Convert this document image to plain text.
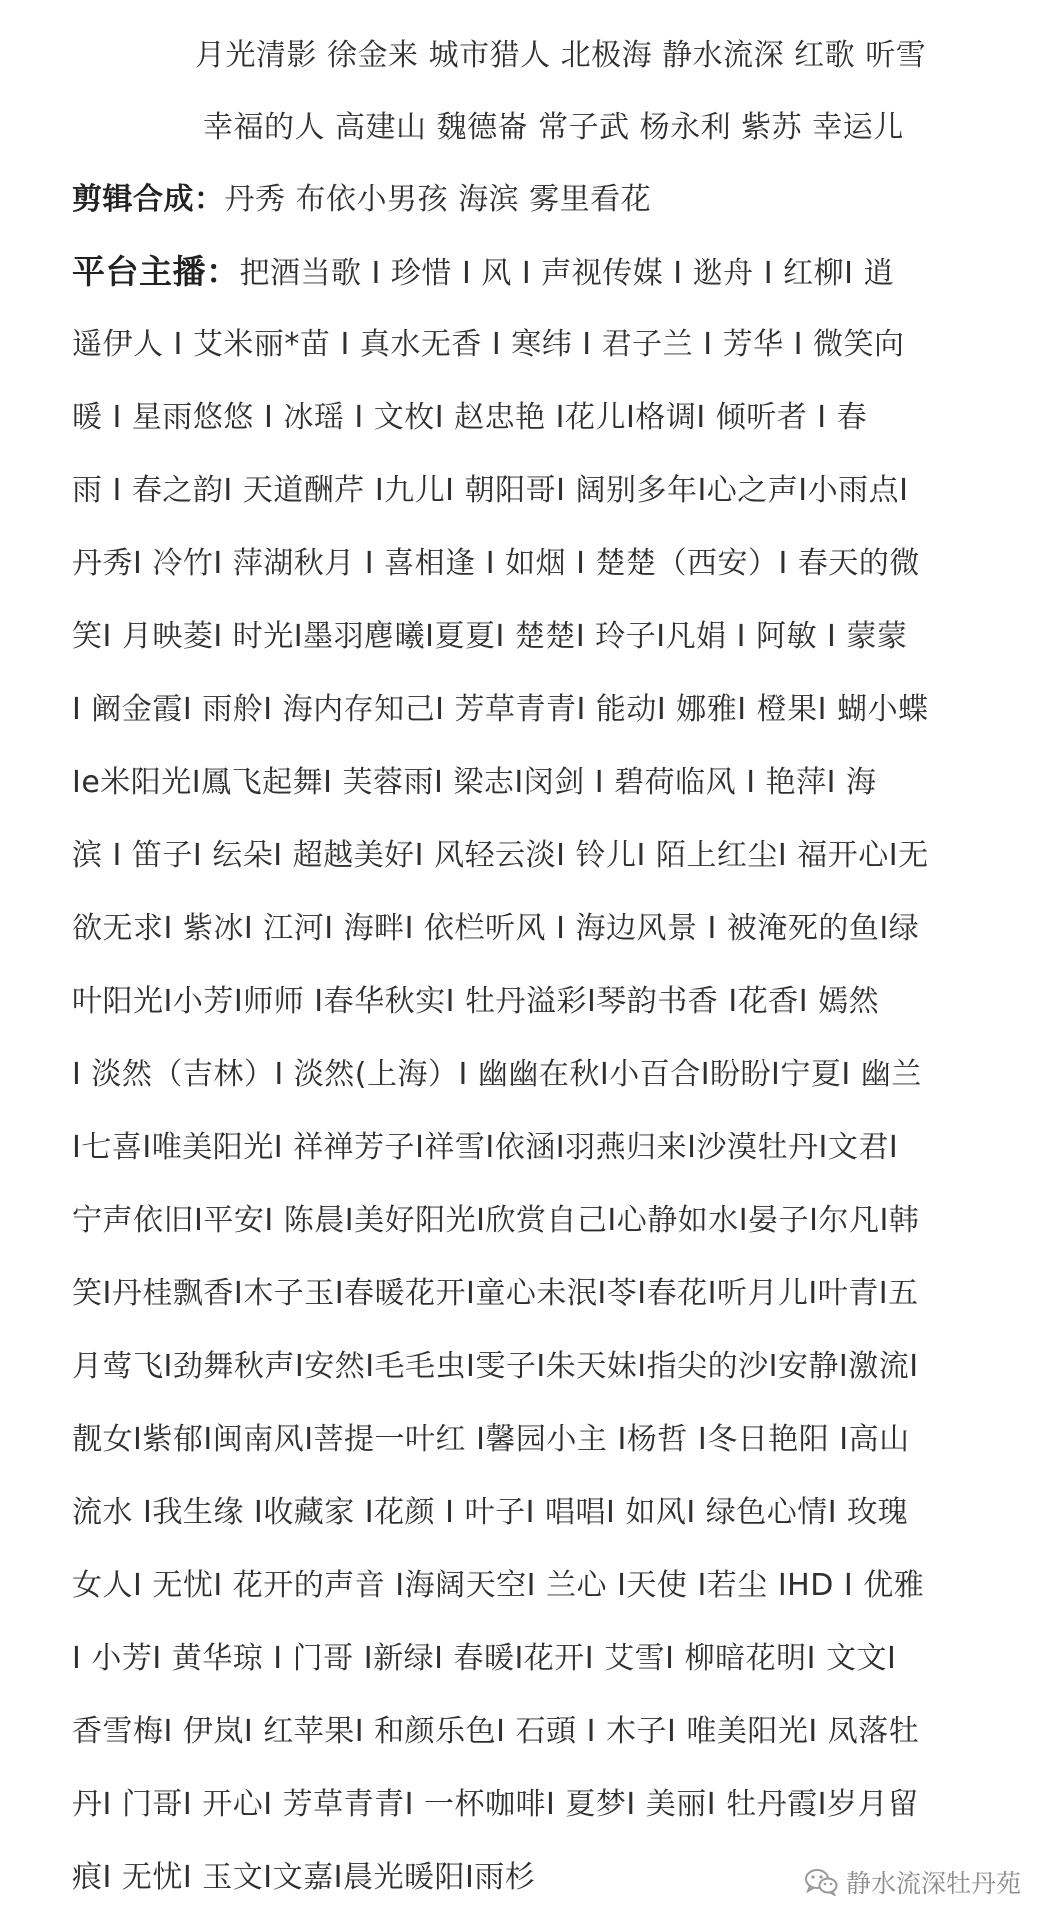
月光清影 徐金来 城市猎人 北极海 静水流深 红歌 听雪
幸福的人 高建山 魏德崙 常子武 杨永利 紫苏 幸运儿
剪辑合成：丹秀 布依小男孩 海滨 雾里看花
平台主播：把酒当歌 I 珍惜 I 风 I 声视传媒 I 逖舟 I 红柳I 逍
遥伊人 I 艾米丽*苗 I 真水无香 I 寒纬 I 君子兰 I 芳华 I 微笑向
暖 I 星雨悠悠 I 冰瑶 I 文枚I 赵忠艳 I花儿I格调I 倾听者 I 春
雨 I 春之韵I 天道酬芹 I九儿I 朝阳哥I 阔别多年I心之声I小雨点I
丹秀I 冷竹I 萍湖秋月 I 喜相逢 I 如烟 I 楚楚（西安）I 春天的微
笑I 月映菱I 时光I墨羽麀曦I夏夏I 楚楚I 玲子I凡娟 I 阿敏 I 蒙蒙
I 阚金霞I 雨舲I 海内存知己I 芳草青青I 能动I 娜雅I 橙果I 蝴小蝶
Ie米阳光I鳳飞起舞I 芙蓉雨I 梁志I闵剑 I 碧荷临风 I 艳萍I 海
滨 I 笛子I 纭朵I 超越美好I 风轻云淡I 铃儿I 陌上红尘I 福开心I无
欲无求I 紫冰I 江河I 海畔I 依栏听风 I 海边风景 I 被淹死的鱼I绿
叶阳光I小芳I师师 I春华秋实I 牡丹溢彩I琴韵书香 I花香I 嫣然
I 淡然（吉林）I 淡然(上海）I 幽幽在秋I小百合I盼盼I宁夏I 幽兰
I七喜I唯美阳光I 祥禅芳子I祥雪I依涵I羽燕归来I沙漠牡丹I文君I
宁声依旧I平安I 陈晨I美好阳光I欣赏自己I心静如水I晏子I尔凡I韩
笑I丹桂飘香I木子玉I春暖花开I童心未泯I苓I春花I听月儿I叶青I五
月莺飞I劲舞秋声I安然I毛毛虫I雯子I朱天妹I指尖的沙I安静I激流I
靓女I紫郁I闽南风I菩提一叶红 I馨园小主 I杨哲 I冬日艳阳 I高山
流水 I我生缘 I收藏家 I花颜 I 叶子I 唱唱I 如风I 绿色心情I 玫瑰
女人I 无忧I 花开的声音 I海阔天空I 兰心 I天使 I若尘 IHD I 优雅
I 小芳I 黄华琼 I 门哥 I新绿I 春暖I花开I 艾雪I 柳暗花明I 文文I
香雪梅I 伊岚I 红苹果I 和颜乐色I 石頭 I 木子I 唯美阳光I 凤落牡
丹I 门哥I 开心I 芳草青青I 一杯咖啡I 夏梦I 美丽I 牡丹霞I岁月留
痕I 无忧I 玉文I文嘉I晨光暖阳I雨杉	静水流深牡丹苑
